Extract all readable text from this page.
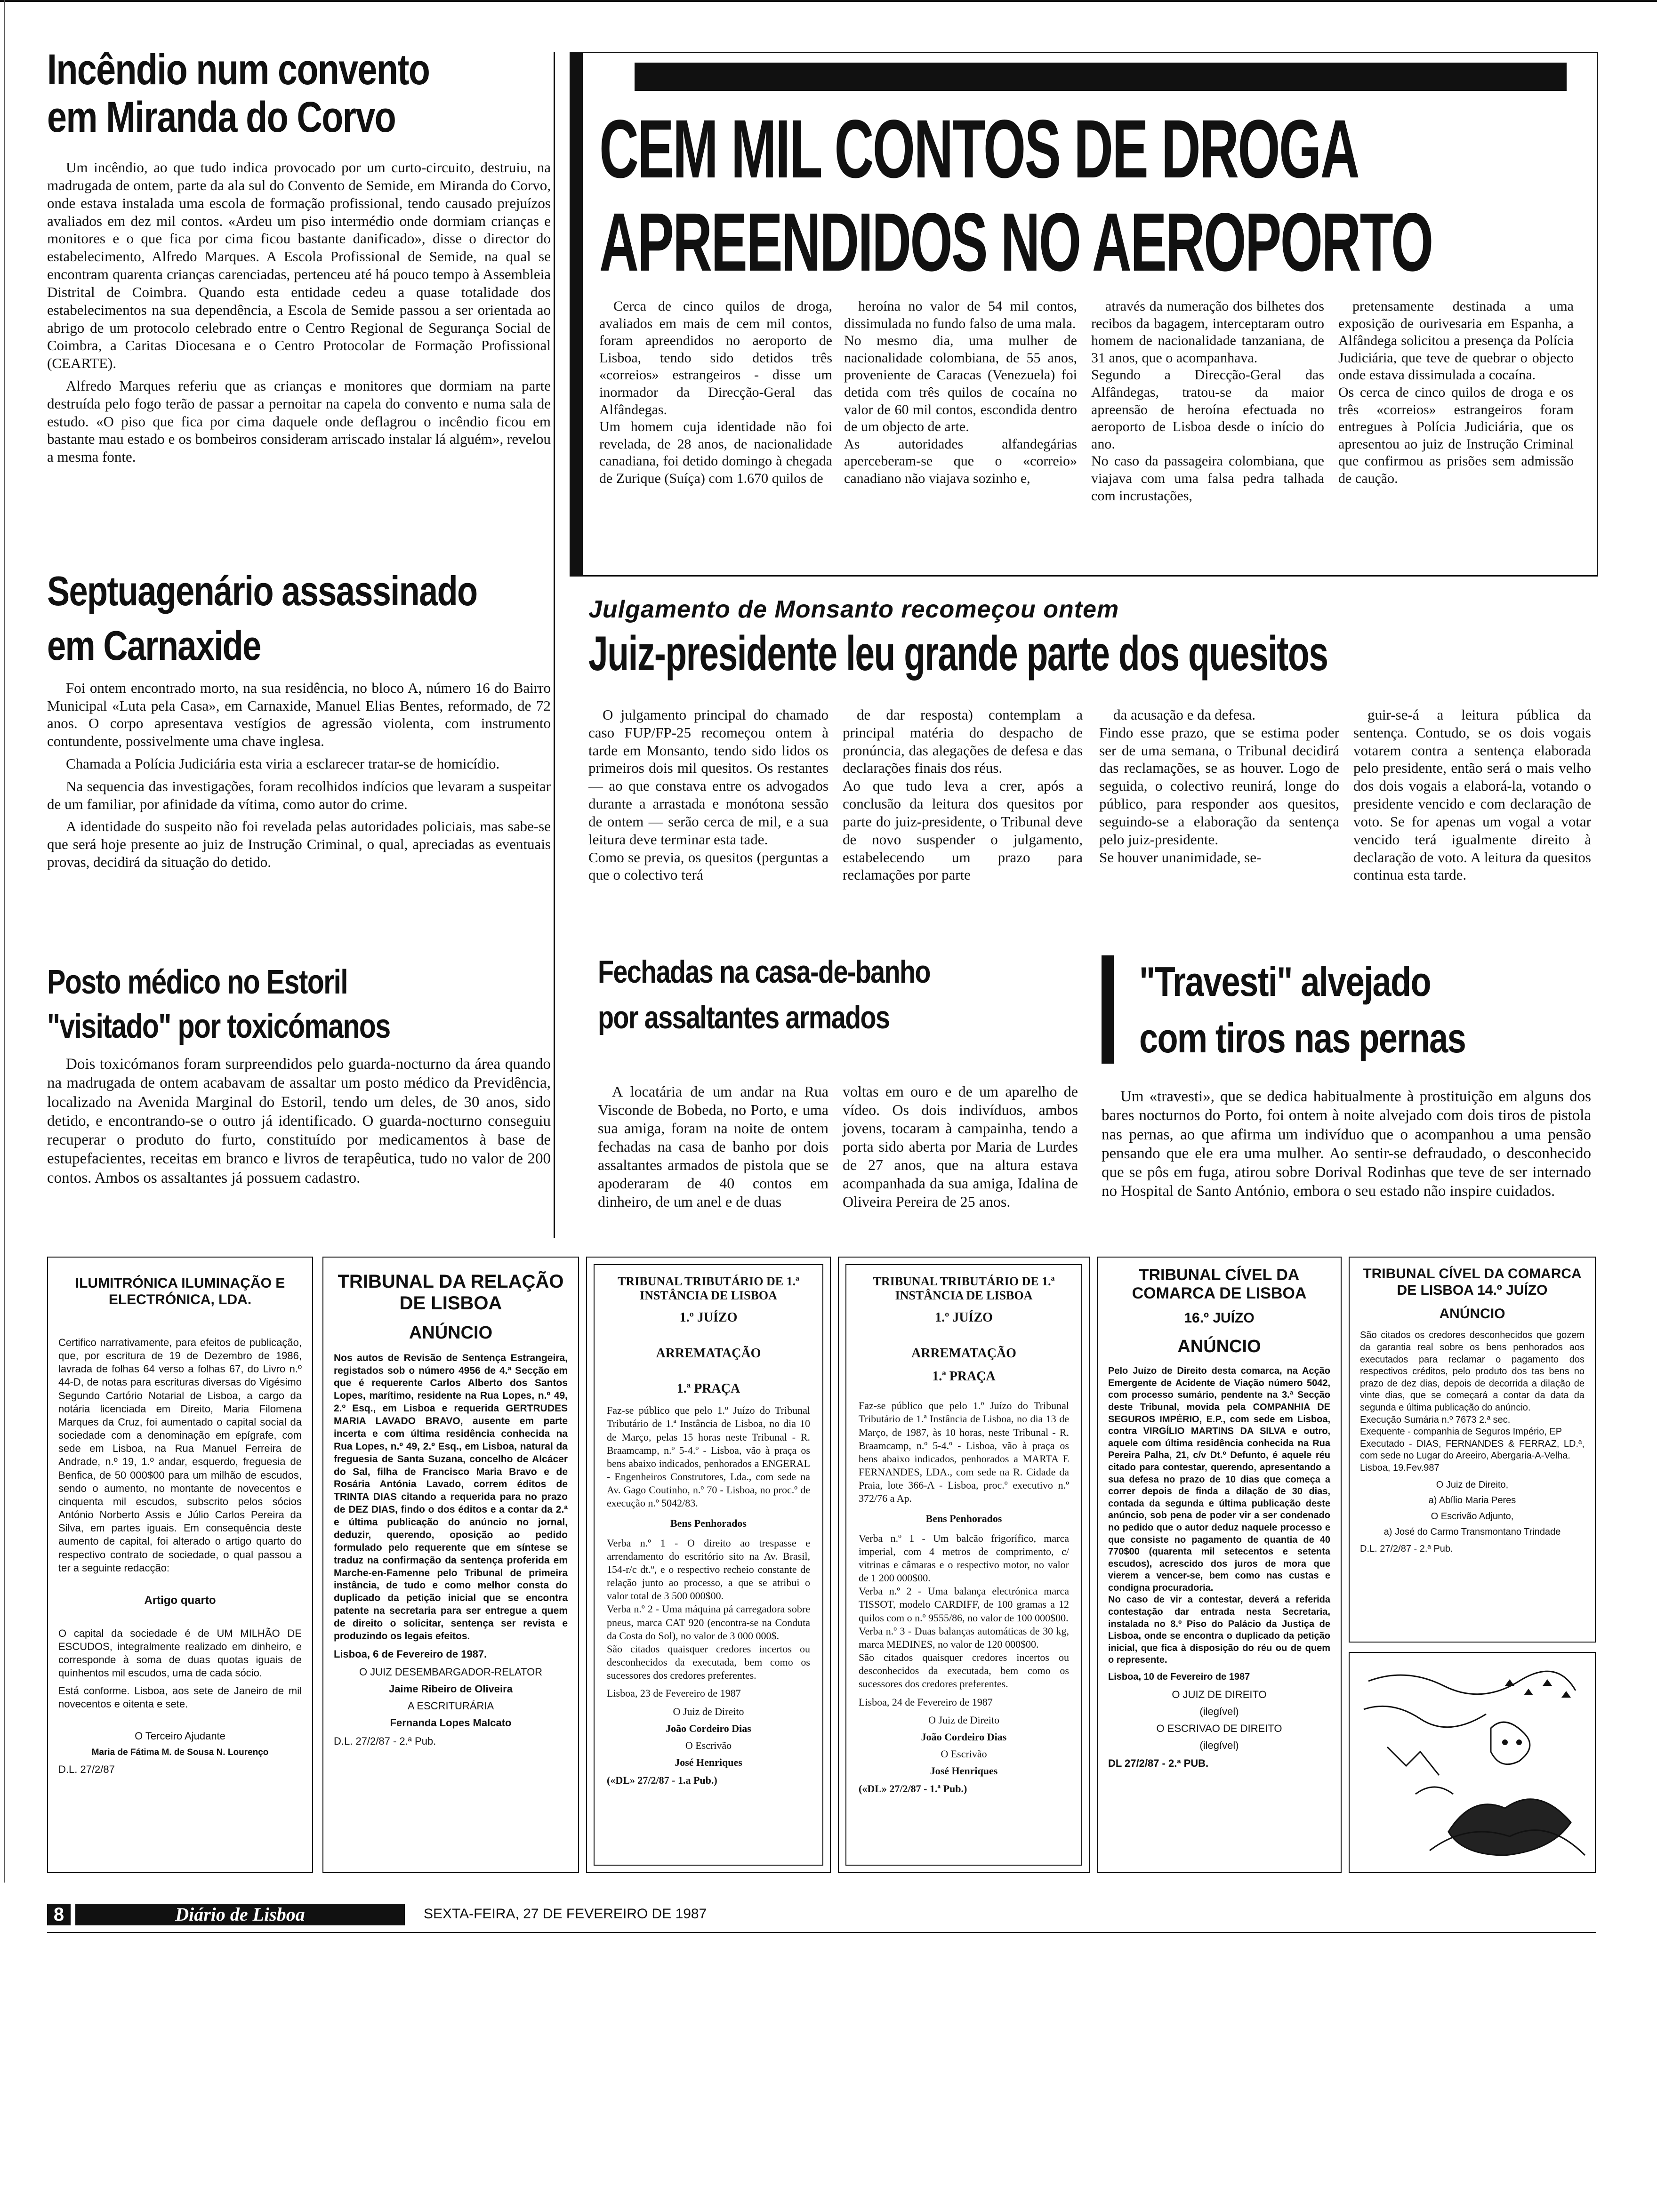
Incêndio num convento
em Miranda do Corvo

Um incêndio, ao que tudo indica provocado por um curto-circuito, destruiu, na madrugada de ontem, parte da ala sul do Convento de Semide, em Miranda do Corvo, onde estava instalada uma escola de formação profissional, tendo causado prejuízos avaliados em dez mil contos. «Ardeu um piso intermédio onde dormiam crianças e monitores e o que fica por cima ficou bastante danificado», disse o director do estabelecimento, Alfredo Marques. A Escola Profissional de Semide, na qual se encontram quarenta crianças carenciadas, pertenceu até há pouco tempo à Assembleia Distrital de Coimbra. Quando esta entidade cedeu a quase totalidade dos estabelecimentos na sua dependência, a Escola de Semide passou a ser orientada ao abrigo de um protocolo celebrado entre o Centro Regional de Segurança Social de Coimbra, a Caritas Diocesana e o Centro Protocolar de Formação Profissional (CEARTE).

Alfredo Marques referiu que as crianças e monitores que dormiam na parte destruída pelo fogo terão de passar a pernoitar na capela do convento e numa sala de estudo. «O piso que fica por cima daquele onde deflagrou o incêndio ficou em bastante mau estado e os bombeiros consideram arriscado instalar lá alguém», revelou a mesma fonte.

Septuagenário assassinado
em Carnaxide

Foi ontem encontrado morto, na sua residência, no bloco A, número 16 do Bairro Municipal «Luta pela Casa», em Carnaxide, Manuel Elias Bentes, reformado, de 72 anos. O corpo apresentava vestígios de agressão violenta, com instrumento contundente, possivelmente uma chave inglesa.

Chamada a Polícia Judiciária esta viria a esclarecer tratar-se de homicídio.

Na sequencia das investigações, foram recolhidos indícios que levaram a suspeitar de um familiar, por afinidade da vítima, como autor do crime.

A identidade do suspeito não foi revelada pelas autoridades policiais, mas sabe-se que será hoje presente ao juiz de Instrução Criminal, o qual, apreciadas as eventuais provas, decidirá da situação do detido.

Posto médico no Estoril
"visitado" por toxicómanos

Dois toxicómanos foram surpreendidos pelo guarda-nocturno da área quando na madrugada de ontem acabavam de assaltar um posto médico da Previdência, localizado na Avenida Marginal do Estoril, tendo um deles, de 30 anos, sido detido, e encontrando-se o outro já identificado. O guarda-nocturno conseguiu recuperar o produto do furto, constituído por medicamentos à base de estupefacientes, receitas em branco e livros de terapêutica, tudo no valor de 200 contos. Ambos os assaltantes já possuem cadastro.

CEM MIL CONTOS DE DROGA
APREENDIDOS NO AEROPORTO
Cerca de cinco quilos de droga, avaliados em mais de cem mil contos, foram apreendidos no aeroporto de Lisboa, tendo sido detidos três «correios» estrangeiros - disse um inormador da Direcção-Geral das Alfândegas.
Um homem cuja identidade não foi revelada, de 28 anos, de nacionalidade canadiana, foi detido domingo à chegada de Zurique (Suíça) com 1.670 quilos de
heroína no valor de 54 mil contos, dissimulada no fundo falso de uma mala.
No mesmo dia, uma mulher de nacionalidade colombiana, de 55 anos, proveniente de Caracas (Venezuela) foi detida com três quilos de cocaína no valor de 60 mil contos, escondida dentro de um objecto de arte.
As autoridades alfandegárias aperceberam-se que o «correio» canadiano não viajava sozinho e,
através da numeração dos bilhetes dos recibos da bagagem, interceptaram outro homem de nacionalidade tanzaniana, de 31 anos, que o acompanhava.
Segundo a Direcção-Geral das Alfândegas, tratou-se da maior apreensão de heroína efectuada no aeroporto de Lisboa desde o início do ano.
No caso da passageira colombiana, que viajava com uma falsa pedra talhada com incrustações,
pretensamente destinada a uma exposição de ourivesaria em Espanha, a Alfândega solicitou a presença da Polícia Judiciária, que teve de quebrar o objecto onde estava dissimulada a cocaína.
Os cerca de cinco quilos de droga e os três «correios» estrangeiros foram entregues à Polícia Judiciária, que os apresentou ao juiz de Instrução Criminal que confirmou as prisões sem admissão de caução.
Julgamento de Monsanto recomeçou ontem
Juiz-presidente leu grande parte dos quesitos
O julgamento principal do chamado caso FUP/FP-25 recomeçou ontem à tarde em Monsanto, tendo sido lidos os primeiros dois mil quesitos. Os restantes — ao que constava entre os advogados durante a arrastada e monótona sessão de ontem — serão cerca de mil, e a sua leitura deve terminar esta tade.
Como se previa, os quesitos (perguntas a que o colectivo terá
de dar resposta) contemplam a principal matéria do despacho de pronúncia, das alegações de defesa e das declarações finais dos réus.
Ao que tudo leva a crer, após a conclusão da leitura dos quesitos por parte do juiz-presidente, o Tribunal deve de novo suspender o julgamento, estabelecendo um prazo para reclamações por parte
da acusação e da defesa.
Findo esse prazo, que se estima poder ser de uma semana, o Tribunal decidirá das reclamações, se as houver. Logo de seguida, o colectivo reunirá, longe do público, para responder aos quesitos, seguindo-se a elaboração da sentença pelo juiz-presidente.
Se houver unanimidade, se-
guir-se-á a leitura pública da sentença. Contudo, se os dois vogais votarem contra a sentença elaborada pelo presidente, então será o mais velho dos dois vogais a elaborá-la, votando o presidente vencido e com declaração de voto. Se for apenas um vogal a votar vencido terá igualmente direito à declaração de voto. A leitura da quesitos continua esta tarde.
Fechadas na casa-de-banho
por assaltantes armados
A locatária de um andar na Rua Visconde de Bobeda, no Porto, e uma sua amiga, foram na noite de ontem fechadas na casa de banho por dois assaltantes armados de pistola que se apoderaram de 40 contos em dinheiro, de um anel e de duas
voltas em ouro e de um aparelho de vídeo. Os dois indivíduos, ambos jovens, tocaram à campainha, tendo a porta sido aberta por Maria de Lurdes de 27 anos, que na altura estava acompanhada da sua amiga, Idalina de Oliveira Pereira de 25 anos.
"Travesti" alvejado
com tiros nas pernas

Um «travesti», que se dedica habitualmente à prostituição em alguns dos bares nocturnos do Porto, foi ontem à noite alvejado com dois tiros de pistola nas pernas, ao que afirma um indivíduo que o acompanhou a uma pensão pensando que ele era uma mulher. Ao sentir-se defraudado, o desconhecido que se pôs em fuga, atirou sobre Dorival Rodinhas que teve de ser internado no Hospital de Santo António, embora o seu estado não inspire cuidados.

ILUMITRÓNICA ILUMINAÇÃO E ELECTRÓNICA, LDA.
Certifico narrativamente, para efeitos de publicação, que, por escritura de 19 de Dezembro de 1986, lavrada de folhas 64 verso a folhas 67, do Livro n.º 44-D, de notas para escrituras diversas do Vigésimo Segundo Cartório Notarial de Lisboa, a cargo da notária licenciada em Direito, Maria Filomena Marques da Cruz, foi aumentado o capital social da sociedade com a denominação em epígrafe, com sede em Lisboa, na Rua Manuel Ferreira de Andrade, n.º 19, 1.º andar, esquerdo, freguesia de Benfica, de 50 000$00 para um milhão de escudos, sendo o aumento, no montante de novecentos e cinquenta mil escudos, subscrito pelos sócios António Norberto Assis e Júlio Carlos Pereira da Silva, em partes iguais. Em consequência deste aumento de capital, foi alterado o artigo quarto do respectivo contrato de sociedade, o qual passou a ter a seguinte redacção:
Artigo quarto
O capital da sociedade é de UM MILHÃO DE ESCUDOS, integralmente realizado em dinheiro, e corresponde à soma de duas quotas iguais de quinhentos mil escudos, uma de cada sócio.
Está conforme. Lisboa, aos sete de Janeiro de mil novecentos e oitenta e sete.
O Terceiro Ajudante
Maria de Fátima M. de Sousa N. Lourenço
D.L. 27/2/87
TRIBUNAL DA RELAÇÃO DE LISBOA
ANÚNCIO
Nos autos de Revisão de Sentença Estrangeira, registados sob o número 4956 de 4.ª Secção em que é requerente Carlos Alberto dos Santos Lopes, marítimo, residente na Rua Lopes, n.º 49, 2.º Esq., em Lisboa e requerida GERTRUDES MARIA LAVADO BRAVO, ausente em parte incerta e com última residência conhecida na Rua Lopes, n.º 49, 2.º Esq., em Lisboa, natural da freguesia de Santa Suzana, concelho de Alcácer do Sal, filha de Francisco Maria Bravo e de Rosária Antónia Lavado, correm éditos de TRINTA DIAS citando a requerida para no prazo de DEZ DIAS, findo o dos éditos e a contar da 2.ª e última publicação do anúncio no jornal, deduzir, querendo, oposição ao pedido formulado pelo requerente que em síntese se traduz na confirmação da sentença proferida em Marche-en-Famenne pelo Tribunal de primeira instância, de tudo e como melhor consta do duplicado da petição inicial que se encontra patente na secretaria para ser entregue a quem de direito o solicitar, sentença ser revista e produzindo os legais efeitos.
Lisboa, 6 de Fevereiro de 1987.
O JUIZ DESEMBARGADOR-RELATOR
Jaime Ribeiro de Oliveira
A ESCRITURÁRIA
Fernanda Lopes Malcato
D.L. 27/2/87 - 2.ª Pub.
TRIBUNAL TRIBUTÁRIO DE 1.ª INSTÂNCIA DE LISBOA
1.º JUÍZO
ARREMATAÇÃO
1.ª PRAÇA
Faz-se público que pelo 1.º Juízo do Tribunal Tributário de 1.ª Instância de Lisboa, no dia 10 de Março, pelas 15 horas neste Tribunal - R. Braamcamp, n.º 5-4.º - Lisboa, vão à praça os bens abaixo indicados, penhorados a ENGERAL - Engenheiros Construtores, Lda., com sede na Av. Gago Coutinho, n.º 70 - Lisboa, no proc.º de execução n.º 5042/83.
Bens Penhorados
Verba n.º 1 - O direito ao trespasse e arrendamento do escritório sito na Av. Brasil, 154-r/c dt.º, e o respectivo recheio constante de relação junto ao processo, a que se atribui o valor total de 3 500 000$00.
Verba n.º 2 - Uma máquina pá carregadora sobre pneus, marca CAT 920 (encontra-se na Conduta da Costa do Sol), no valor de 3 000 000$.
São citados quaisquer credores incertos ou desconhecidos da executada, bem como os sucessores dos credores preferentes.
Lisboa, 23 de Fevereiro de 1987
O Juiz de Direito
João Cordeiro Dias
O Escrivão
José Henriques
(«DL» 27/2/87 - 1.a Pub.)
TRIBUNAL TRIBUTÁRIO DE 1.ª INSTÂNCIA DE LISBOA
1.º JUÍZO
ARREMATAÇÃO
1.ª PRAÇA
Faz-se público que pelo 1.º Juízo do Tribunal Tributário de 1.ª Instância de Lisboa, no dia 13 de Março, de 1987, às 10 horas, neste Tribunal - R. Braamcamp, n.º 5-4.º - Lisboa, vão à praça os bens abaixo indicados, penhorados a MARTA E FERNANDES, LDA., com sede na R. Cidade da Praia, lote 366-A - Lisboa, proc.º executivo n.º 372/76 a Ap.
Bens Penhorados
Verba n.º 1 - Um balcão frigorífico, marca imperial, com 4 metros de comprimento, c/ vitrinas e câmaras e o respectivo motor, no valor de 1 200 000$00.
Verba n.º 2 - Uma balança electrónica marca TISSOT, modelo CARDIFF, de 100 gramas a 12 quilos com o n.º 9555/86, no valor de 100 000$00.
Verba n.º 3 - Duas balanças automáticas de 30 kg, marca MEDINES, no valor de 120 000$00.
São citados quaisquer credores incertos ou desconhecidos da executada, bem como os sucessores dos credores preferentes.
Lisboa, 24 de Fevereiro de 1987
O Juiz de Direito
João Cordeiro Dias
O Escrivão
José Henriques
(«DL» 27/2/87 - 1.ª Pub.)
TRIBUNAL CÍVEL DA COMARCA DE LISBOA
16.º JUÍZO
ANÚNCIO
Pelo Juízo de Direito desta comarca, na Acção Emergente de Acidente de Viação número 5042, com processo sumário, pendente na 3.ª Secção deste Tribunal, movida pela COMPANHIA DE SEGUROS IMPÉRIO, E.P., com sede em Lisboa, contra VIRGÍLIO MARTINS DA SILVA e outro, aquele com última residência conhecida na Rua Pereira Palha, 21, c/v Dt.º Defunto, é aquele réu citado para contestar, querendo, apresentando a sua defesa no prazo de 10 dias que começa a correr depois de finda a dilação de 30 dias, contada da segunda e última publicação deste anúncio, sob pena de poder vir a ser condenado no pedido que o autor deduz naquele processo e que consiste no pagamento de quantia de 40 770$00 (quarenta mil setecentos e setenta escudos), acrescido dos juros de mora que vierem a vencer-se, bem como nas custas e condigna procuradoria.
No caso de vir a contestar, deverá a referida contestação dar entrada nesta Secretaria, instalada no 8.º Piso do Palácio da Justiça de Lisboa, onde se encontra o duplicado da petição inicial, que fica à disposição do réu ou de quem o represente.
Lisboa, 10 de Fevereiro de 1987
O JUIZ DE DIREITO
(ilegível)
O ESCRIVAO DE DIREITO
(ilegível)
DL 27/2/87 - 2.ª PUB.
TRIBUNAL CÍVEL DA COMARCA DE LISBOA 14.º JUÍZO
ANÚNCIO
São citados os credores desconhecidos que gozem da garantia real sobre os bens penhorados aos executados para reclamar o pagamento dos respectivos créditos, pelo produto dos tas bens no prazo de dez dias, depois de decorrida a dilação de vinte dias, que se começará a contar da data da segunda e última publicação do anúncio.
Execução Sumária n.º 7673 2.ª sec.
Exequente - companhia de Seguros Império, EP
Executado - DIAS, FERNANDES & FERRAZ, LD.ª, com sede no Lugar do Areeiro, Abergaria-A-Velha.
Lisboa, 19.Fev.987
O Juiz de Direito,
a) Abílio Maria Peres
O Escrivão Adjunto,
a) José do Carmo Transmontano Trindade
D.L. 27/2/87 - 2.ª Pub.
8	Diário de Lisboa	SEXTA-FEIRA, 27 DE FEVEREIRO DE 1987
